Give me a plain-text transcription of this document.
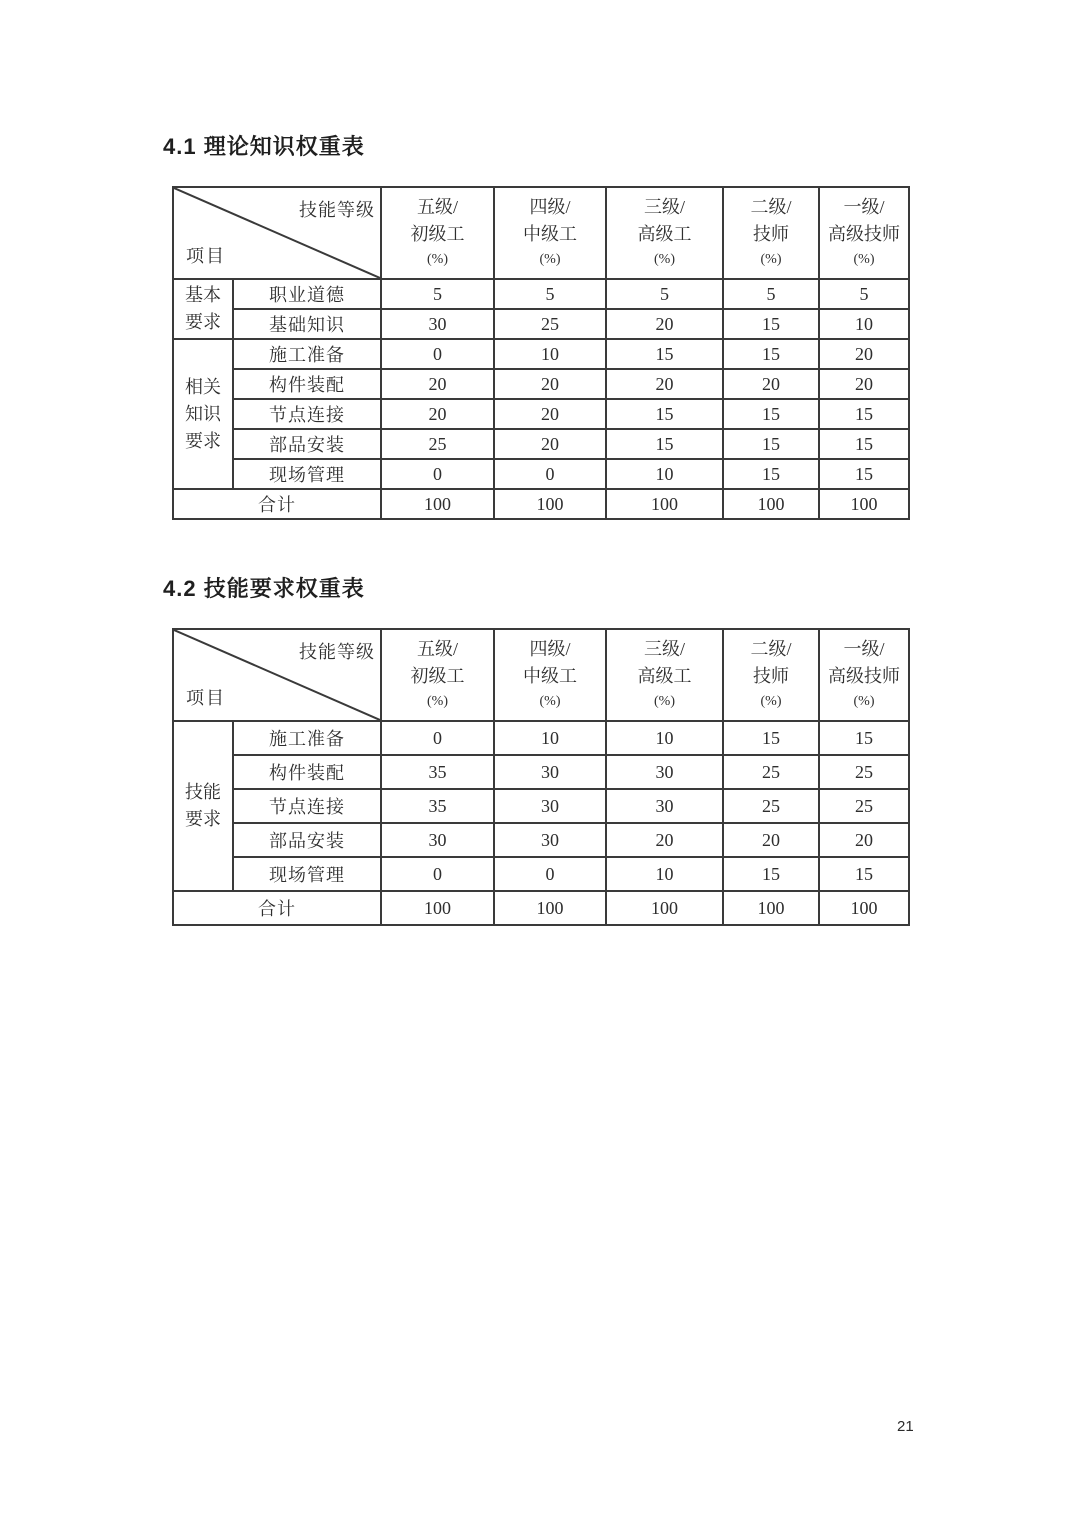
4.1 理论知识权重表
技能等级
项目		五级/
初级工
(%)	四级/
中级工
(%)	三级/
高级工
(%)	二级/
技师
(%)	一级/
高级技师
(%)

基本
要求	职业道德	5	5	5	5	5
	基础知识	30	25	20	15	10
相关
知识
要求	施工准备	0	10	15	15	20
	构件装配	20	20	20	20	20
	节点连接	20	20	15	15	15
	部品安装	25	20	15	15	15
	现场管理	0	0	10	15	15
合计		100	100	100	100	100
4.2 技能要求权重表
技能等级
项目		五级/
初级工
(%)	四级/
中级工
(%)	三级/
高级工
(%)	二级/
技师
(%)	一级/
高级技师
(%)

技能
要求	施工准备	0	10	10	15	15
	构件装配	35	30	30	25	25
	节点连接	35	30	30	25	25
	部品安装	30	30	20	20	20
	现场管理	0	0	10	15	15
合计		100	100	100	100	100
21
